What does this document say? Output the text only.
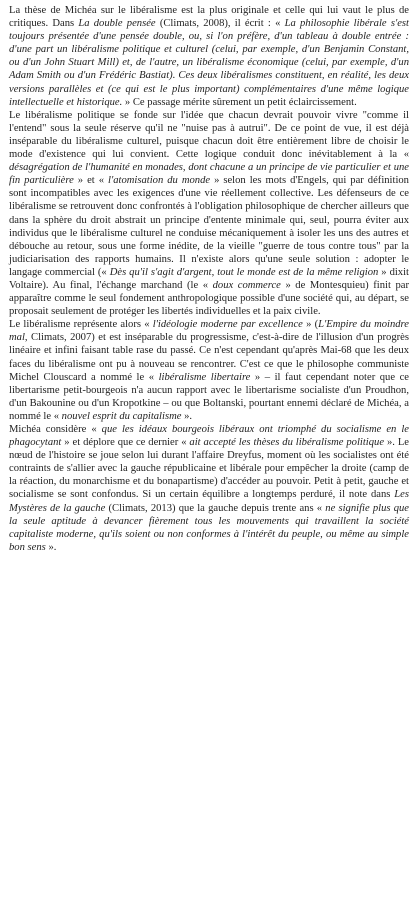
La thèse de Michéa sur le libéralisme est la plus originale et celle qui lui vaut le plus de critiques. Dans La double pensée (Climats, 2008), il écrit : « La philosophie libérale s'est toujours présentée d'une pensée double, ou, si l'on préfère, d'un tableau à double entrée : d'une part un libéralisme politique et culturel (celui, par exemple, d'un Benjamin Constant, ou d'un John Stuart Mill) et, de l'autre, un libéralisme économique (celui, par exemple, d'un Adam Smith ou d'un Frédéric Bastiat). Ces deux libéralismes constituent, en réalité, les deux versions parallèles et (ce qui est le plus important) complémentaires d'une même logique intellectuelle et historique. » Ce passage mérite sûrement un petit éclaircissement.

Le libéralisme politique se fonde sur l'idée que chacun devrait pouvoir vivre "comme il l'entend" sous la seule réserve qu'il ne "nuise pas à autrui". De ce point de vue, il est déjà inséparable du libéralisme culturel, puisque chacun doit être entièrement libre de choisir le mode d'existence qui lui convient. Cette logique conduit donc inévitablement à la « désagrégation de l'humanité en monades, dont chacune a un principe de vie particulier et une fin particulière » et « l'atomisation du monde » selon les mots d'Engels, qui par définition sont incompatibles avec les exigences d'une vie réellement collective. Les défenseurs de ce libéralisme se retrouvent donc confrontés à l'obligation philosophique de chercher ailleurs que dans la sphère du droit abstrait un principe d'entente minimale qui, seul, pourra éviter aux individus que le libéralisme culturel ne conduise mécaniquement à isoler les uns des autres et débouche au retour, sous une forme inédite, de la vieille "guerre de tous contre tous" par la judiciarisation des rapports humains. Il n'existe alors qu'une seule solution : adopter le langage commercial (« Dès qu'il s'agit d'argent, tout le monde est de la même religion » dixit Voltaire). Au final, l'échange marchand (le « doux commerce » de Montesquieu) finit par apparaître comme le seul fondement anthropologique possible d'une société qui, au départ, se proposait seulement de protéger les libertés individuelles et la paix civile.

Le libéralisme représente alors « l'idéologie moderne par excellence » (L'Empire du moindre mal, Climats, 2007) et est inséparable du progressisme, c'est-à-dire de l'illusion d'un progrès linéaire et infini faisant table rase du passé. Ce n'est cependant qu'après Mai-68 que les deux faces du libéralisme ont pu à nouveau se rencontrer. C'est ce que le philosophe communiste Michel Clouscard a nommé le « libéralisme libertaire » – il faut cependant noter que ce libertarisme petit-bourgeois n'a aucun rapport avec le libertarisme socialiste d'un Proudhon, d'un Bakounine ou d'un Kropotkine – ou que Boltanski, pourtant ennemi déclaré de Michéa, a nommé le « nouvel esprit du capitalisme ».

Michéa considère « que les idéaux bourgeois libéraux ont triomphé du socialisme en le phagocytant » et déplore que ce dernier « ait accepté les thèses du libéralisme politique ». Le nœud de l'histoire se joue selon lui durant l'affaire Dreyfus, moment où les socialistes ont été contraints de s'allier avec la gauche républicaine et libérale pour empêcher la droite (camp de la réaction, du monarchisme et du bonapartisme) d'accéder au pouvoir. Petit à petit, gauche et socialisme se sont confondus. Si un certain équilibre a longtemps perduré, il note dans Les Mystères de la gauche (Climats, 2013) que la gauche depuis trente ans « ne signifie plus que la seule aptitude à devancer fièrement tous les mouvements qui travaillent la société capitaliste moderne, qu'ils soient ou non conformes à l'intérêt du peuple, ou même au simple bon sens ».
